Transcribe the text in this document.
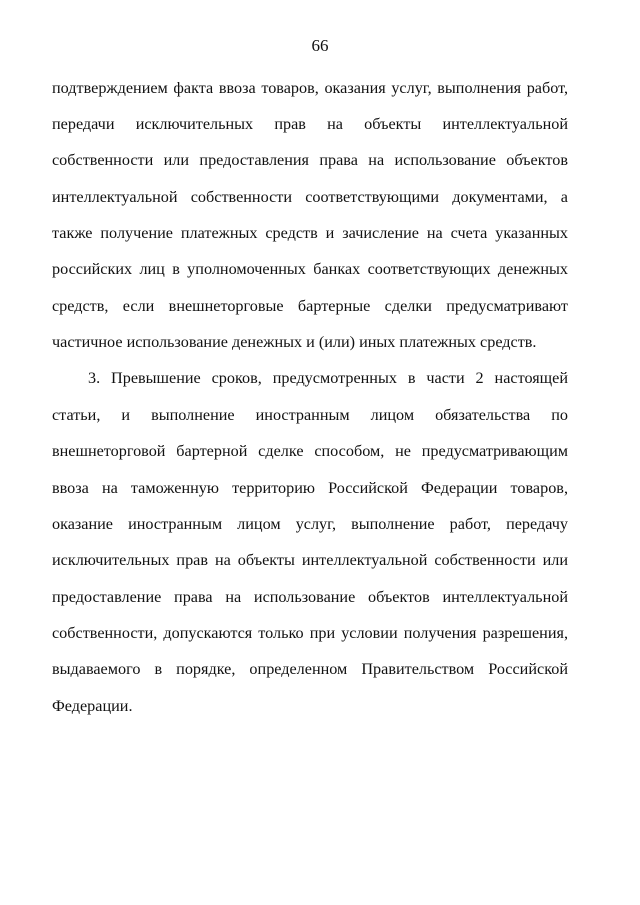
66
подтверждением факта ввоза товаров, оказания услуг, выполнения работ,
передачи исключительных прав на объекты интеллектуальной
собственности или предоставления права на использование объектов
интеллектуальной собственности соответствующими документами, а
также получение платежных средств и зачисление на счета указанных
российских лиц в уполномоченных банках соответствующих денежных
средств, если внешнеторговые бартерные сделки предусматривают
частичное использование денежных и (или) иных платежных средств.
3. Превышение сроков, предусмотренных в части 2 настоящей
статьи, и выполнение иностранным лицом обязательства по
внешнеторговой бартерной сделке способом, не предусматривающим
ввоза на таможенную территорию Российской Федерации товаров,
оказание иностранным лицом услуг, выполнение работ, передачу
исключительных прав на объекты интеллектуальной собственности или
предоставление права на использование объектов интеллектуальной
собственности, допускаются только при условии получения разрешения,
выдаваемого в порядке, определенном Правительством Российской
Федерации.
